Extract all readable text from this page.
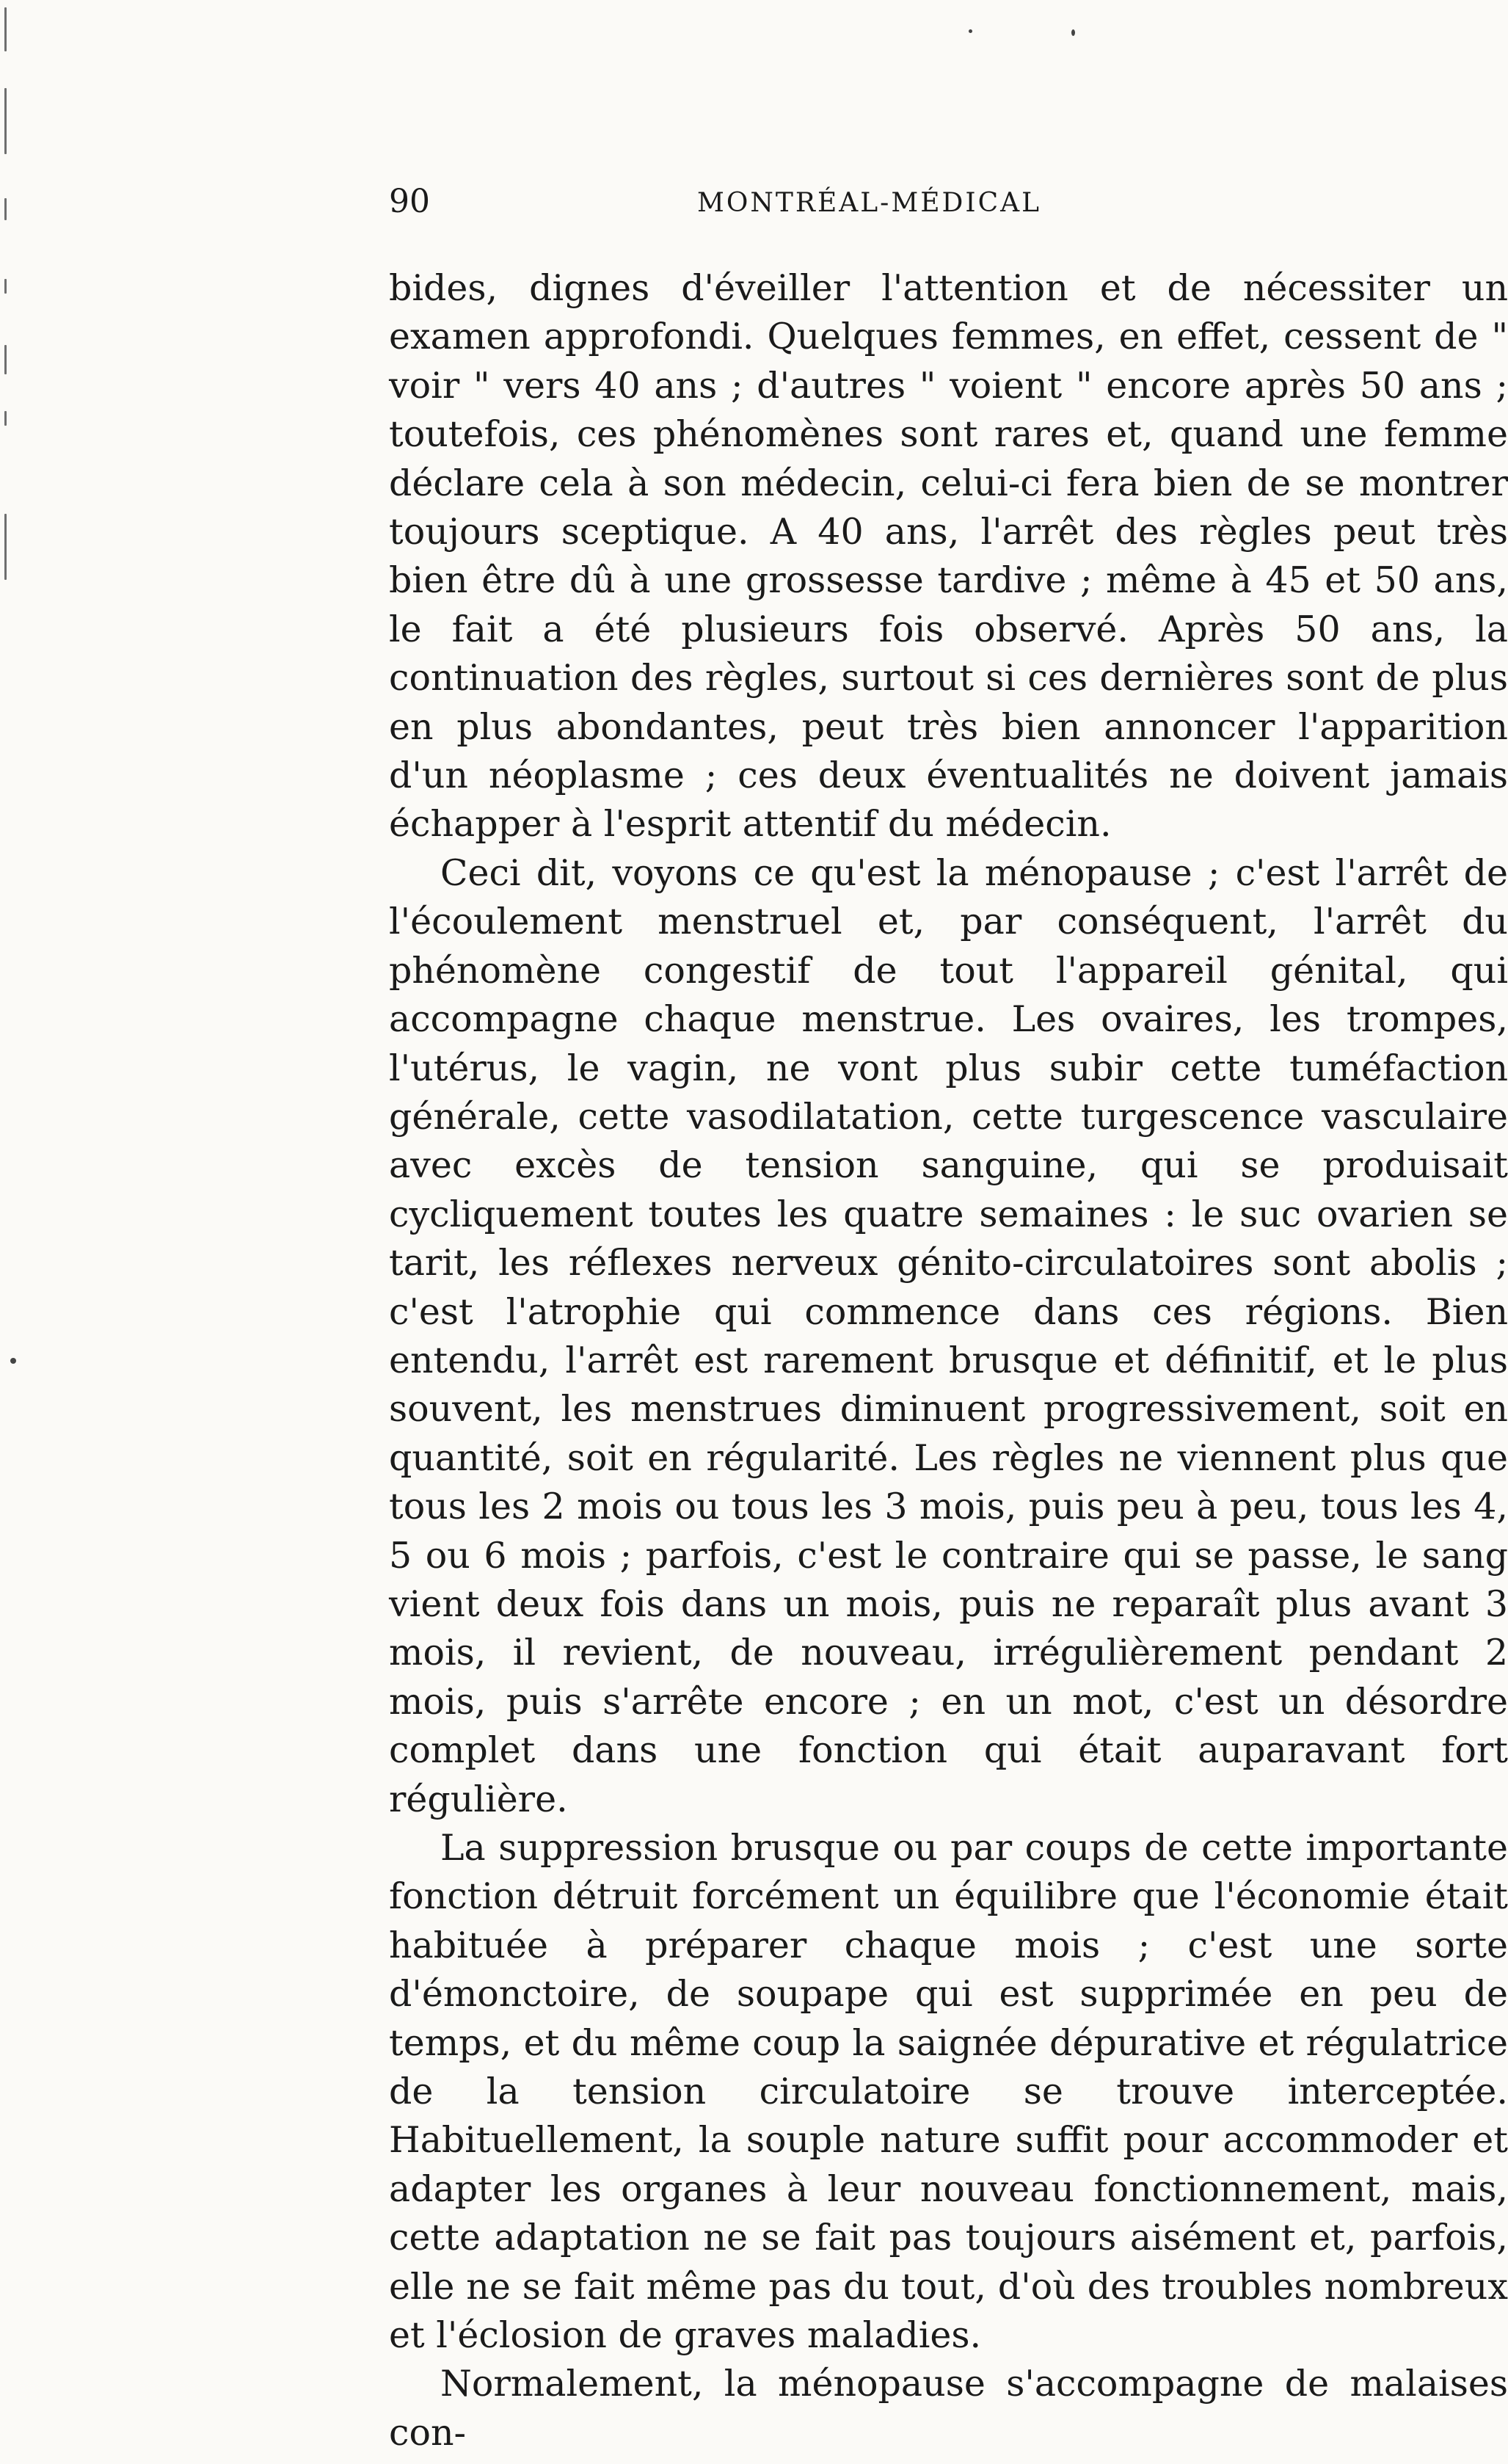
90	MONTRÉAL-MÉDICAL

bides, dignes d'éveiller l'attention et de nécessiter un examen approfondi. Quelques femmes, en effet, cessent de " voir " vers 40 ans ; d'autres " voient " encore après 50 ans ; toutefois, ces phénomènes sont rares et, quand une femme déclare cela à son médecin, celui-ci fera bien de se montrer toujours sceptique. A 40 ans, l'arrêt des règles peut très bien être dû à une grossesse tardive ; même à 45 et 50 ans, le fait a été plusieurs fois observé. Après 50 ans, la continuation des règles, surtout si ces dernières sont de plus en plus abondantes, peut très bien annoncer l'apparition d'un néoplasme ; ces deux éventualités ne doivent jamais échapper à l'esprit attentif du médecin.

Ceci dit, voyons ce qu'est la ménopause ; c'est l'arrêt de l'écoulement menstruel et, par conséquent, l'arrêt du phénomène congestif de tout l'appareil génital, qui accompagne chaque menstrue. Les ovaires, les trompes, l'utérus, le vagin, ne vont plus subir cette tuméfaction générale, cette vasodilatation, cette turgescence vasculaire avec excès de tension sanguine, qui se produisait cycliquement toutes les quatre semaines : le suc ovarien se tarit, les réflexes nerveux génito-circulatoires sont abolis ; c'est l'atrophie qui commence dans ces régions. Bien entendu, l'arrêt est rarement brusque et définitif, et le plus souvent, les menstrues diminuent progressivement, soit en quantité, soit en régularité. Les règles ne viennent plus que tous les 2 mois ou tous les 3 mois, puis peu à peu, tous les 4, 5 ou 6 mois ; parfois, c'est le contraire qui se passe, le sang vient deux fois dans un mois, puis ne reparaît plus avant 3 mois, il revient, de nouveau, irrégulièrement pendant 2 mois, puis s'arrête encore ; en un mot, c'est un désordre complet dans une fonction qui était auparavant fort régulière.

La suppression brusque ou par coups de cette importante fonction détruit forcément un équilibre que l'économie était habituée à préparer chaque mois ; c'est une sorte d'émonctoire, de soupape qui est supprimée en peu de temps, et du même coup la saignée dépurative et régulatrice de la tension circulatoire se trouve interceptée. Habituellement, la souple nature suffit pour accommoder et adapter les organes à leur nouveau fonctionnement, mais, cette adaptation ne se fait pas toujours aisément et, parfois, elle ne se fait même pas du tout, d'où des troubles nombreux et l'éclosion de graves maladies.

Normalement, la ménopause s'accompagne de malaises con-
